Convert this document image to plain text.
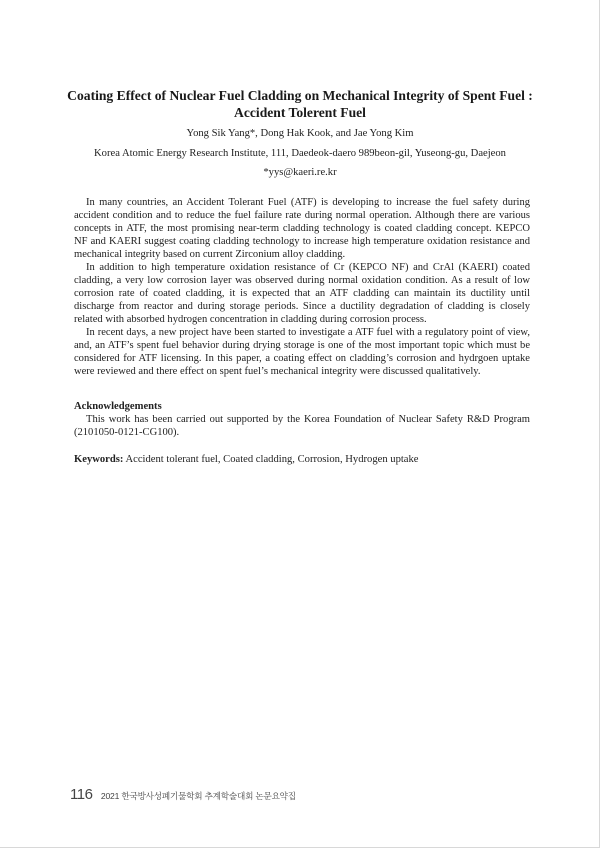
Coating Effect of Nuclear Fuel Cladding on Mechanical Integrity of Spent Fuel :
Accident Tolerent Fuel
Yong Sik Yang*, Dong Hak Kook, and Jae Yong Kim
Korea Atomic Energy Research Institute, 111, Daedeok-daero 989beon-gil, Yuseong-gu, Daejeon
*yys@kaeri.re.kr

In many countries, an Accident Tolerant Fuel (ATF) is developing to increase the fuel safety during accident condition and to reduce the fuel failure rate during normal operation. Although there are various concepts in ATF, the most promising near-term cladding technology is coated cladding concept. KEPCO NF and KAERI suggest coating cladding technology to increase high temperature oxidation resistance and mechanical integrity based on current Zirconium alloy cladding.

In addition to high temperature oxidation resistance of Cr (KEPCO NF) and CrAl (KAERI) coated cladding, a very low corrosion layer was observed during normal oxidation condition. As a result of low corrosion rate of coated cladding, it is expected that an ATF cladding can maintain its ductility until discharge from reactor and during storage periods. Since a ductility degradation of cladding is closely related with absorbed hydrogen concentration in cladding during corrosion process.

In recent days, a new project have been started to investigate a ATF fuel with a regulatory point of view, and, an ATF’s spent fuel behavior during drying storage is one of the most important topic which must be considered for ATF licensing. In this paper, a coating effect on cladding’s corrosion and hydrgoen uptake were reviewed and there effect on spent fuel’s mechanical integrity were discussed qualitatively.

Acknowledgements
This work has been carried out supported by the Korea Foundation of Nuclear Safety R&D Program (2101050-0121-CG100).
Keywords: Accident tolerant fuel, Coated cladding, Corrosion, Hydrogen uptake
116 2021 한국방사성폐기물학회 추계학술대회 논문요약집
